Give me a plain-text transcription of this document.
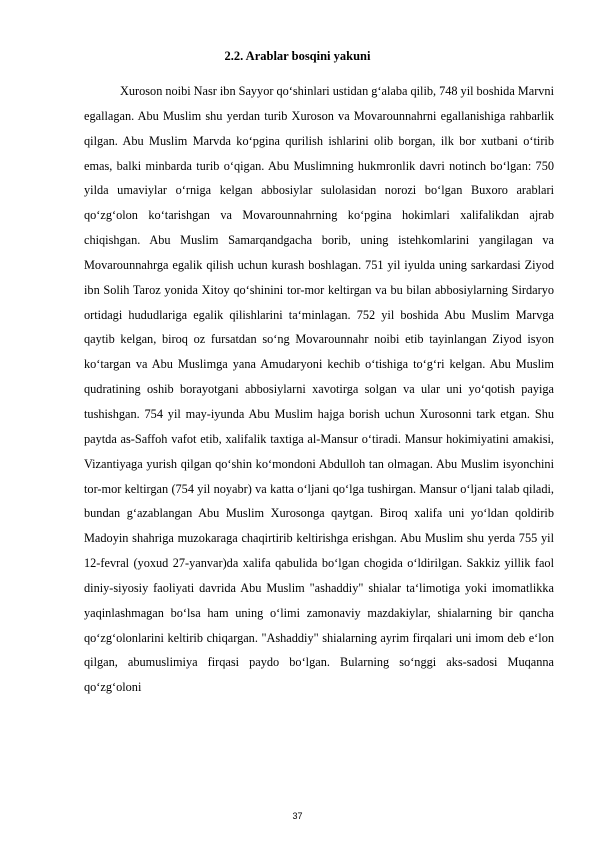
2.2. Arablar bosqini yakuni

Xuroson noibi Nasr ibn Sayyor qo‘shinlari ustidan g‘alaba qilib, 748 yil boshida Marvni egallagan. Abu Muslim shu yerdan turib Xuroson va Movarounnahrni egallanishiga rahbarlik qilgan. Abu Muslim Marvda ko‘pgina qurilish ishlarini olib borgan, ilk bor xutbani o‘tirib emas, balki minbarda turib o‘qigan. Abu Muslimning hukmronlik davri notinch bo‘lgan: 750 yilda umaviylar o‘rniga kelgan abbosiylar sulolasidan norozi bo‘lgan Buxoro arablari qo‘zg‘olon ko‘tarishgan va Movarounnahrning ko‘pgina hokimlari xalifalikdan ajrab chiqishgan. Abu Muslim Samarqandgacha borib, uning istehkomlarini yangilagan va Movarounnahrga egalik qilish uchun kurash boshlagan. 751 yil iyulda uning sarkardasi Ziyod ibn Solih Taroz yonida Xitoy qo‘shinini tor-mor keltirgan va bu bilan abbosiylarning Sirdaryo ortidagi hududlariga egalik qilishlarini ta‘minlagan. 752 yil boshida Abu Muslim Marvga qaytib kelgan, biroq oz fursatdan so‘ng Movarounnahr noibi etib tayinlangan Ziyod isyon ko‘targan va Abu Muslimga yana Amudaryoni kechib o‘tishiga to‘g‘ri kelgan. Abu Muslim qudratining oshib borayotgani abbosiylarni xavotirga solgan va ular uni yo‘qotish payiga tushishgan. 754 yil may-iyunda Abu Muslim hajga borish uchun Xurosonni tark etgan. Shu paytda as-Saffoh vafot etib, xalifalik taxtiga al-Mansur o‘tiradi. Mansur hokimiyatini amakisi, Vizantiyaga yurish qilgan qo‘shin ko‘mondoni Abdulloh tan olmagan. Abu Muslim isyonchini tor-mor keltirgan (754 yil noyabr) va katta o‘ljani qo‘lga tushirgan. Mansur o‘ljani talab qiladi, bundan g‘azablangan Abu Muslim Xurosonga qaytgan. Biroq xalifa uni yo‘ldan qoldirib Madoyin shahriga muzokaraga chaqirtirib keltirishga erishgan. Abu Muslim shu yerda 755 yil 12-fevral (yoxud 27-yanvar)da xalifa qabulida bo‘lgan chogida o‘ldirilgan. Sakkiz yillik faol diniy-siyosiy faoliyati davrida Abu Muslim "ashaddiy" shialar ta‘limotiga yoki imomatlikka yaqinlashmagan bo‘lsa ham uning o‘limi zamonaviy mazdakiylar, shialarning bir qancha qo‘zg‘olonlarini keltirib chiqargan. "Ashaddiy" shialarning ayrim firqalari uni imom deb e‘lon qilgan, abumuslimiya firqasi paydo bo‘lgan. Bularning so‘nggi aks-sadosi Muqanna qo‘zg‘oloni

37
